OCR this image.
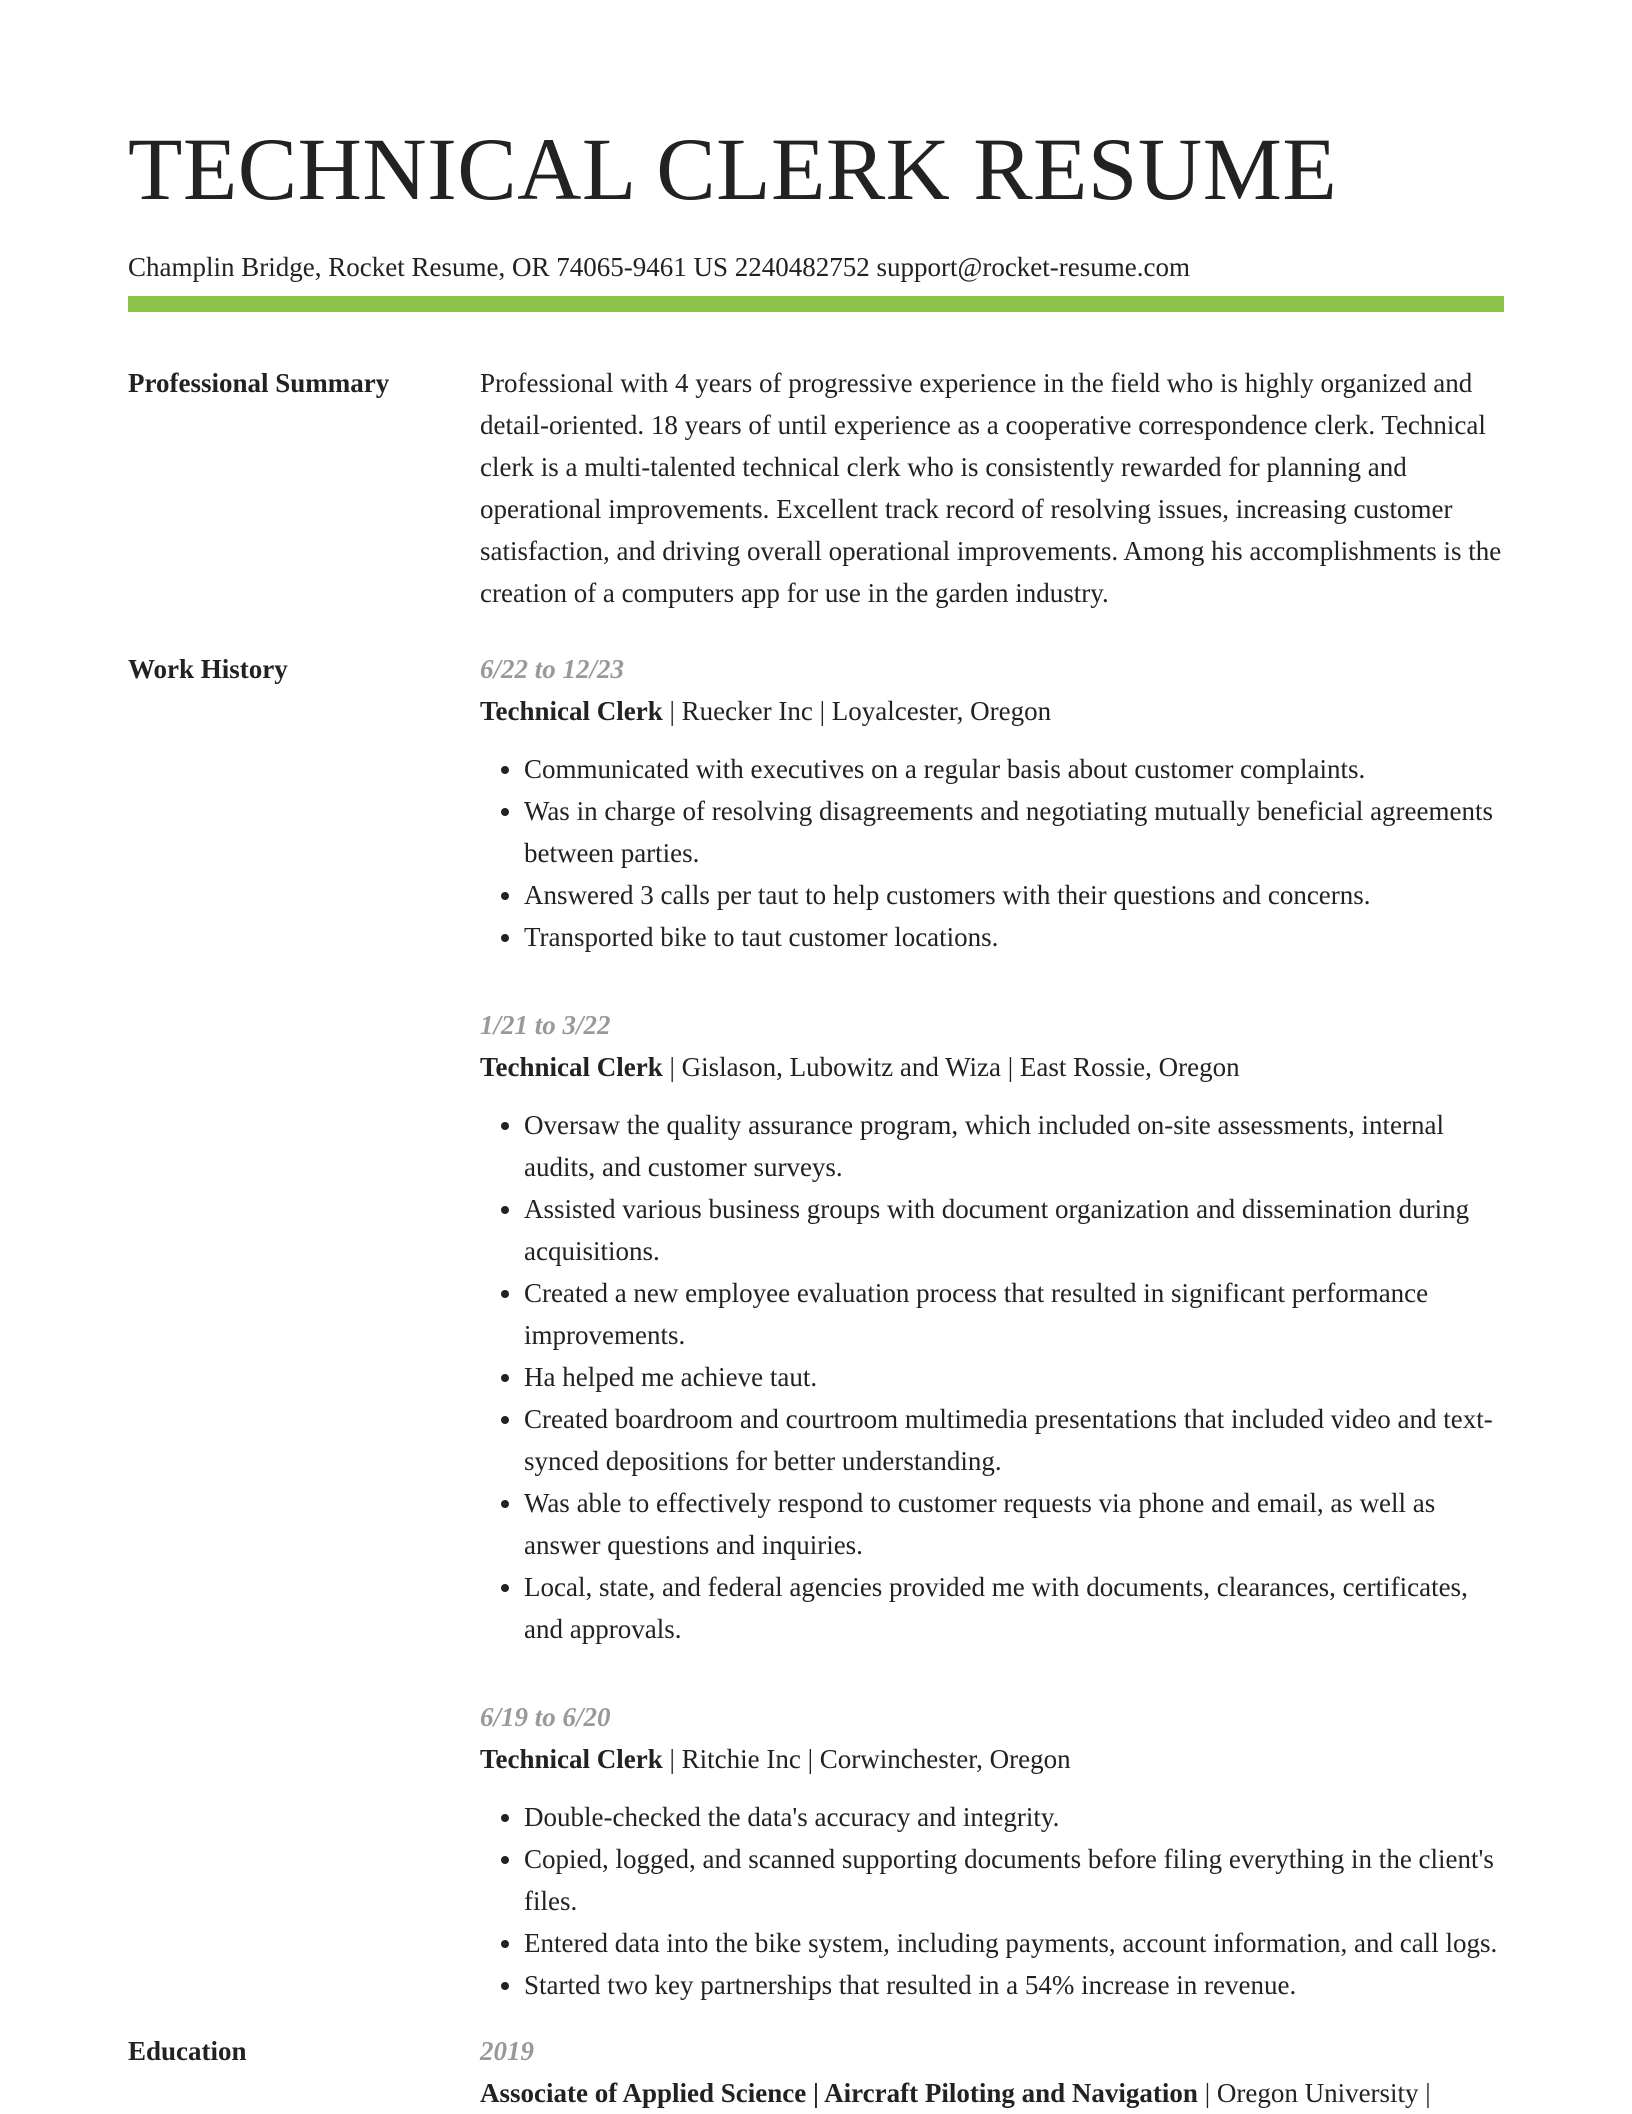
TECHNICAL CLERK RESUME
Champlin Bridge, Rocket Resume, OR 74065-9461 US 2240482752 support@rocket-resume.com
Professional Summary	Professional with 4 years of progressive experience in the field who is highly organized and detail-oriented. 18 years of until experience as a cooperative correspondence clerk. Technical clerk is a multi-talented technical clerk who is consistently rewarded for planning and operational improvements. Excellent track record of resolving issues, increasing customer satisfaction, and driving overall operational improvements. Among his accomplishments is the creation of a computers app for use in the garden industry.

Work History	6/22 to 12/23
Technical Clerk | Ruecker Inc | Loyalcester, Oregon
• Communicated with executives on a regular basis about customer complaints.
• Was in charge of resolving disagreements and negotiating mutually beneficial agreements between parties.
• Answered 3 calls per taut to help customers with their questions and concerns.
• Transported bike to taut customer locations.
1/21 to 3/22
Technical Clerk | Gislason, Lubowitz and Wiza | East Rossie, Oregon
• Oversaw the quality assurance program, which included on-site assessments, internal audits, and customer surveys.
• Assisted various business groups with document organization and dissemination during acquisitions.
• Created a new employee evaluation process that resulted in significant performance improvements.
• Ha helped me achieve taut.
• Created boardroom and courtroom multimedia presentations that included video and text-synced depositions for better understanding.
• Was able to effectively respond to customer requests via phone and email, as well as answer questions and inquiries.
• Local, state, and federal agencies provided me with documents, clearances, certificates, and approvals.
6/19 to 6/20
Technical Clerk | Ritchie Inc | Corwinchester, Oregon
• Double-checked the data's accuracy and integrity.
• Copied, logged, and scanned supporting documents before filing everything in the client's files.
• Entered data into the bike system, including payments, account information, and call logs.
• Started two key partnerships that resulted in a 54% increase in revenue.
Education	2019
Associate of Applied Science | Aircraft Piloting and Navigation | Oregon University |
